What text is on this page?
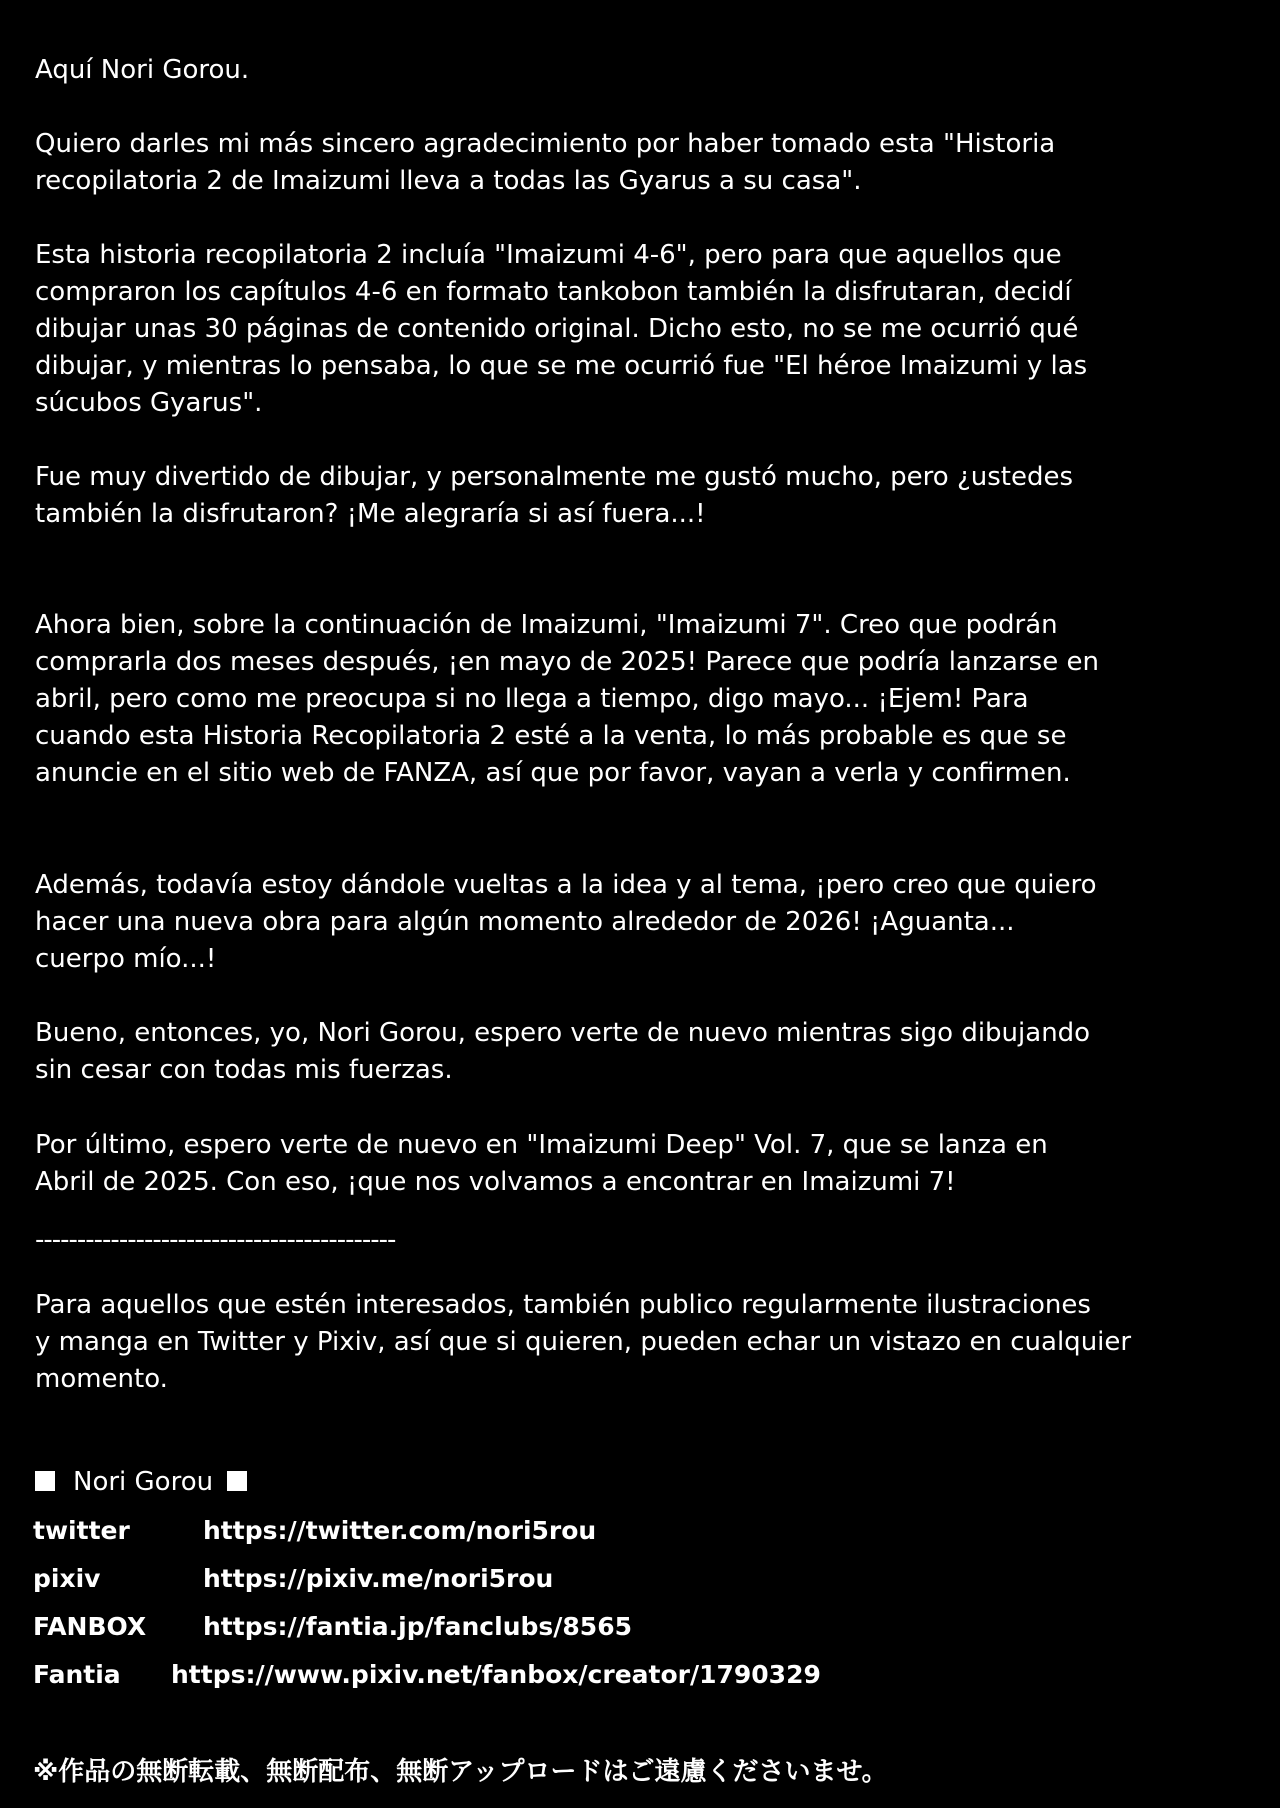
Aquí Nori Gorou.
Quiero darles mi más sincero agradecimiento por haber tomado esta "Historia
recopilatoria 2 de Imaizumi lleva a todas las Gyarus a su casa".
Esta historia recopilatoria 2 incluía "Imaizumi 4-6", pero para que aquellos que
compraron los capítulos 4-6 en formato tankobon también la disfrutaran, decidí
dibujar unas 30 páginas de contenido original. Dicho esto, no se me ocurrió qué
dibujar, y mientras lo pensaba, lo que se me ocurrió fue "El héroe Imaizumi y las
súcubos Gyarus".
Fue muy divertido de dibujar, y personalmente me gustó mucho, pero ¿ustedes
también la disfrutaron? ¡Me alegraría si así fuera...!
Ahora bien, sobre la continuación de Imaizumi, "Imaizumi 7". Creo que podrán
comprarla dos meses después, ¡en mayo de 2025! Parece que podría lanzarse en
abril, pero como me preocupa si no llega a tiempo, digo mayo... ¡Ejem! Para
cuando esta Historia Recopilatoria 2 esté a la venta, lo más probable es que se
anuncie en el sitio web de FANZA, así que por favor, vayan a verla y confirmen.
Además, todavía estoy dándole vueltas a la idea y al tema, ¡pero creo que quiero
hacer una nueva obra para algún momento alrededor de 2026! ¡Aguanta...
cuerpo mío...!
Bueno, entonces, yo, Nori Gorou, espero verte de nuevo mientras sigo dibujando
sin cesar con todas mis fuerzas.
Por último, espero verte de nuevo en "Imaizumi Deep" Vol. 7, que se lanza en
Abril de 2025. Con eso, ¡que nos volvamos a encontrar en Imaizumi 7!
-------------------------------------------
Para aquellos que estén interesados, también publico regularmente ilustraciones
y manga en Twitter y Pixiv, así que si quieren, pueden echar un vistazo en cualquier
momento.
Nori Gorou
twitter	https://twitter.com/nori5rou
pixiv	https://pixiv.me/nori5rou
FANBOX https://fantia.jp/fanclubs/8565
Fantia https://www.pixiv.net/fanbox/creator/1790329
※作品の無断転載、無断配布、無断アップロードはご遠慮くださいませ。
